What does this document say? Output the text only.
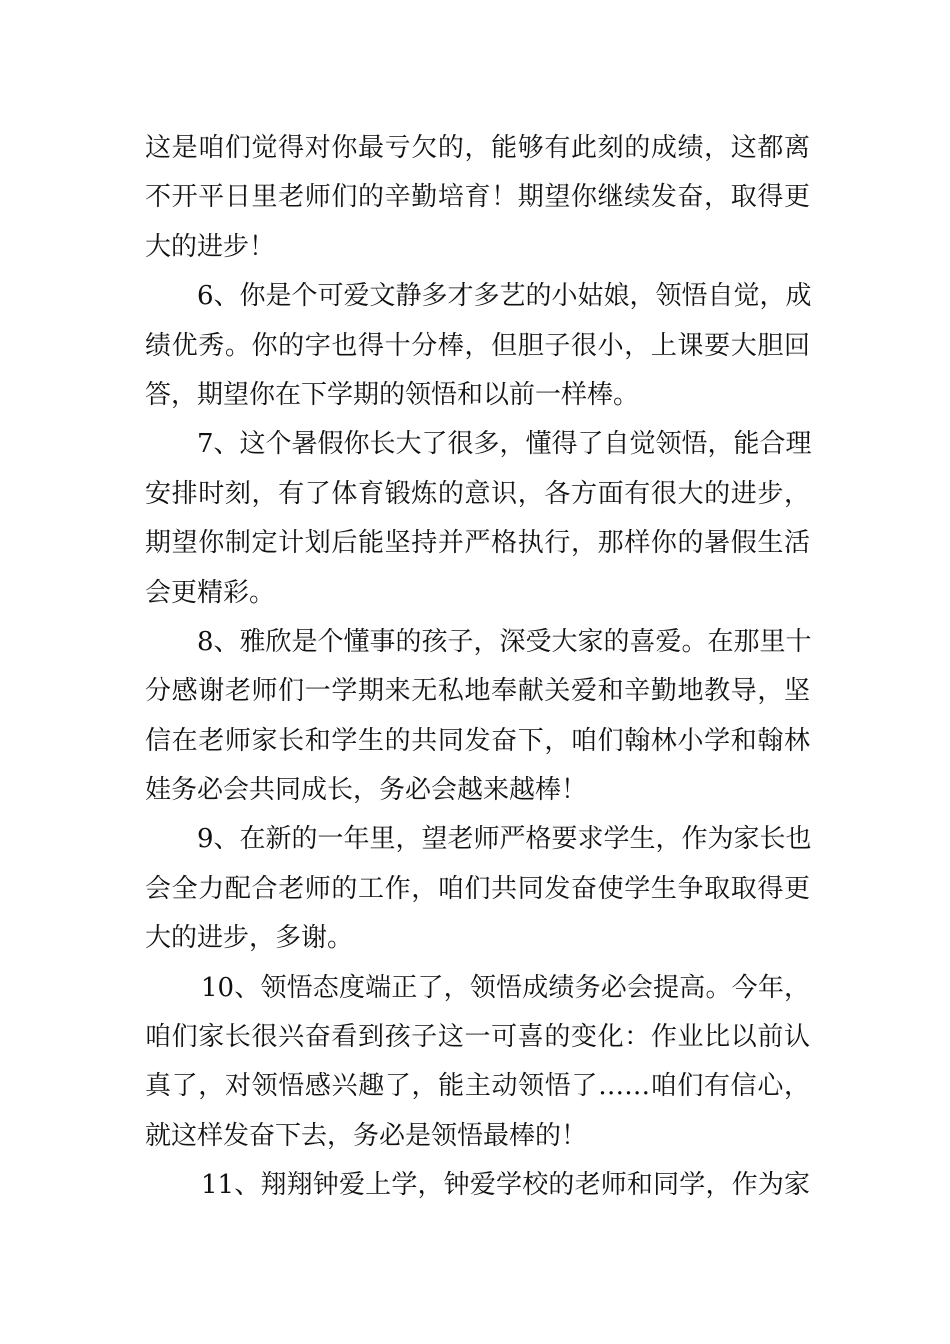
这是咱们觉得对你最亏欠的，能够有此刻的成绩，这都离
不开平日里老师们的辛勤培育！期望你继续发奋，取得更
大的进步！

6、你是个可爱文静多才多艺的小姑娘，领悟自觉，成
绩优秀。你的字也得十分棒，但胆子很小，上课要大胆回
答，期望你在下学期的领悟和以前一样棒。

7、这个暑假你长大了很多，懂得了自觉领悟，能合理
安排时刻，有了体育锻炼的意识，各方面有很大的进步，
期望你制定计划后能坚持并严格执行，那样你的暑假生活
会更精彩。

8、雅欣是个懂事的孩子，深受大家的喜爱。在那里十
分感谢老师们一学期来无私地奉献关爱和辛勤地教导，坚
信在老师家长和学生的共同发奋下，咱们翰林小学和翰林
娃务必会共同成长，务必会越来越棒！

9、在新的一年里，望老师严格要求学生，作为家长也
会全力配合老师的工作，咱们共同发奋使学生争取取得更
大的进步，多谢。

10、领悟态度端正了，领悟成绩务必会提高。今年，
咱们家长很兴奋看到孩子这一可喜的变化：作业比以前认
真了，对领悟感兴趣了，能主动领悟了……咱们有信心，
就这样发奋下去，务必是领悟最棒的！

11、翔翔钟爱上学，钟爱学校的老师和同学，作为家
